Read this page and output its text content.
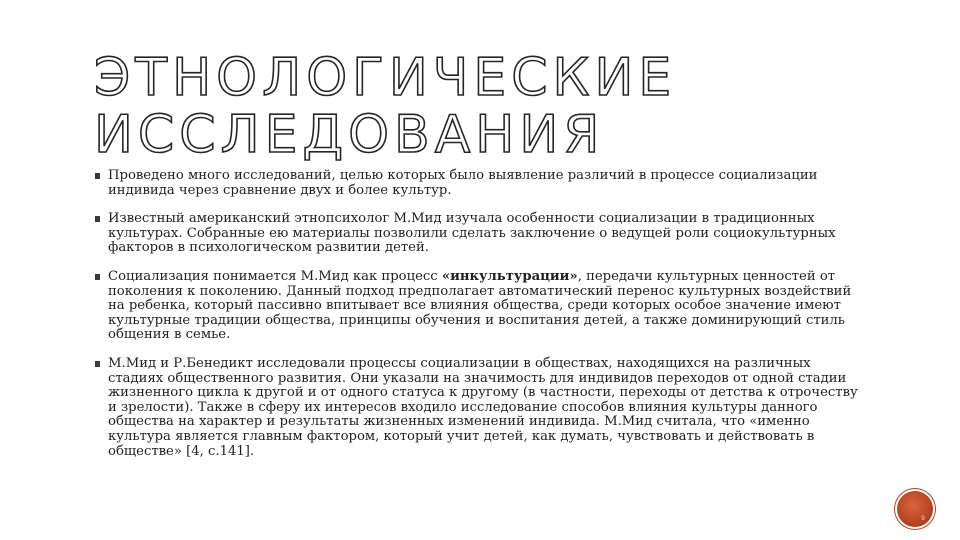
ЭТНОЛОГИЧЕСКИЕ
ИССЛЕДОВАНИЯ
Проведено много исследований, целью которых было выявление различий в процессе социализации индивида через сравнение двух и более культур.
Известный американский этнопсихолог М.Мид изучала особенности социализации в традиционных культурах. Собранные ею материалы позволили сделать заключение о ведущей роли социокультурных факторов в психологическом развитии детей.
Социализация понимается М.Мид как процесс «инкультурации», передачи культурных ценностей от поколения к поколению. Данный подход предполагает автоматический перенос культурных воздействий на ребенка, который пассивно впитывает все влияния общества, среди которых особое значение имеют культурные традиции общества, принципы обучения и воспитания детей, а также доминирующий стиль общения в семье.
М.Мид и Р.Бенедикт исследовали процессы социализации в обществах, находящихся на различных стадиях общественного развития. Они указали на значимость для индивидов переходов от одной стадии жизненного цикла к другой и от одного статуса к другому (в частности, переходы от детства к отрочеству и зрелости). Также в сферу их интересов входило исследование способов влияния культуры данного общества на характер и результаты жизненных изменений индивида. М.Мид считала, что «именно культура является главным фактором, который учит детей, как думать, чувствовать и действовать в обществе» [4, с.141].
9
